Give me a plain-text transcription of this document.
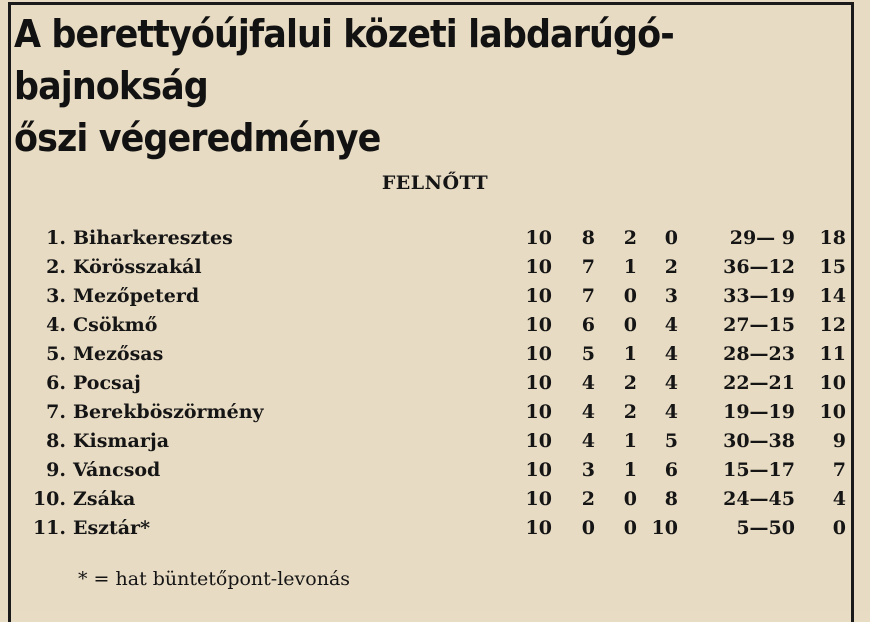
A berettyóújfalui közeti labdarúgó-bajnokság
őszi végeredménye
FELNŐTT
1. Biharkeresztes	10	8	2	0	29— 9	18
2. Körösszakál	10	7	1	2	36—12	15
3. Mezőpeterd	10	7	0	3	33—19	14
4. Csökmő	10	6	0	4	27—15	12
5. Mezősas	10	5	1	4	28—23	11
6. Pocsaj	10	4	2	4	22—21	10
7. Berekböszörmény	10	4	2	4	19—19	10
8. Kismarja	10	4	1	5	30—38	9
9. Váncsod	10	3	1	6	15—17	7
10. Zsáka	10	2	0	8	24—45	4
11. Esztár*	10	0	0 10	5—50	0
* = hat büntetőpont-levonás
